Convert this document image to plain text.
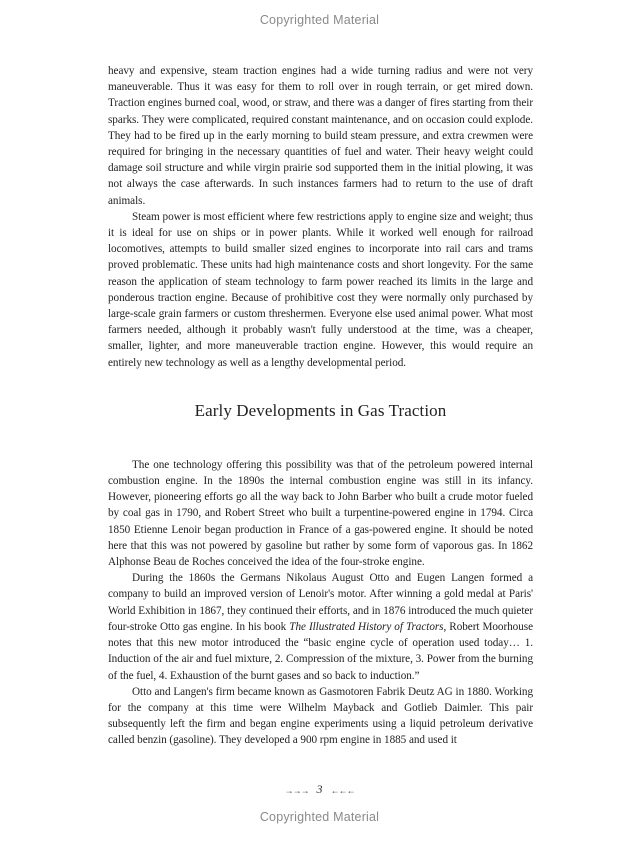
Copyrighted Material

heavy and expensive, steam traction engines had a wide turning radius and were not very maneuverable. Thus it was easy for them to roll over in rough terrain, or get mired down. Traction engines burned coal, wood, or straw, and there was a danger of fires starting from their sparks. They were complicated, required constant maintenance, and on occasion could explode. They had to be fired up in the early morning to build steam pressure, and extra crewmen were required for bringing in the necessary quantities of fuel and water. Their heavy weight could damage soil structure and while virgin prairie sod supported them in the initial plowing, it was not always the case afterwards. In such instances farmers had to return to the use of draft animals.

Steam power is most efficient where few restrictions apply to engine size and weight; thus it is ideal for use on ships or in power plants. While it worked well enough for railroad locomotives, attempts to build smaller sized engines to incorporate into rail cars and trams proved problematic. These units had high maintenance costs and short longevity. For the same reason the application of steam technology to farm power reached its limits in the large and ponderous traction engine. Because of prohibitive cost they were normally only purchased by large-scale grain farmers or custom threshermen. Everyone else used animal power. What most farmers needed, although it probably wasn't fully understood at the time, was a cheaper, smaller, lighter, and more maneuverable traction engine. However, this would require an entirely new technology as well as a lengthy developmental period.

Early Developments in Gas Traction

The one technology offering this possibility was that of the petroleum powered internal combustion engine. In the 1890s the internal combustion engine was still in its infancy. However, pioneering efforts go all the way back to John Barber who built a crude motor fueled by coal gas in 1790, and Robert Street who built a turpentine-powered engine in 1794. Circa 1850 Etienne Lenoir began production in France of a gas-powered engine. It should be noted here that this was not powered by gasoline but rather by some form of vaporous gas. In 1862 Alphonse Beau de Roches conceived the idea of the four-stroke engine.

During the 1860s the Germans Nikolaus August Otto and Eugen Langen formed a company to build an improved version of Lenoir's motor. After winning a gold medal at Paris' World Exhibition in 1867, they continued their efforts, and in 1876 introduced the much quieter four-stroke Otto gas engine. In his book The Illustrated History of Tractors, Robert Moorhouse notes that this new motor introduced the “basic engine cycle of operation used today… 1. Induction of the air and fuel mixture, 2. Compression of the mixture, 3. Power from the burning of the fuel, 4. Exhaustion of the burnt gases and so back to induction.”

Otto and Langen's firm became known as Gasmotoren Fabrik Deutz AG in 1880. Working for the company at this time were Wilhelm Mayback and Gotlieb Daimler. This pair subsequently left the firm and began engine experiments using a liquid petroleum derivative called benzin (gasoline). They developed a 900 rpm engine in 1885 and used it

→→→ 3 ←←←
Copyrighted Material
